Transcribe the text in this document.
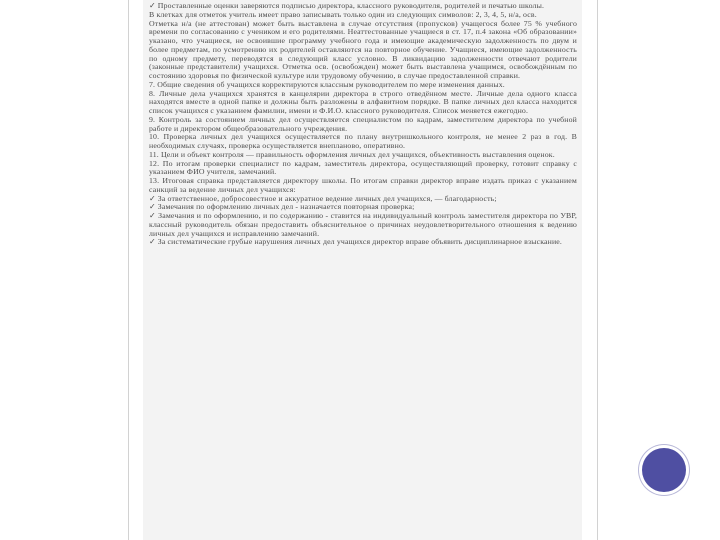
✓ Проставленные оценки заверяются подписью директора, классного руководителя, родителей и печатью школы.
В клетках для отметок учитель имеет право записывать только один из следующих символов: 2, 3, 4, 5, н/а, осв.
Отметка н/а (не аттестован) может быть выставлена в случае отсутствия (пропусков) учащегося более 75 % учебного времени по согласованию с учеником и его родителями. Неаттестованные учащиеся в ст. 17, п.4 закона «Об образовании» указано, что учащиеся, не освоившие программу учебного года и имеющие академическую задолженность по двум и более предметам, по усмотрению их родителей оставляются на повторное обучение. Учащиеся, имеющие задолженность по одному предмету, переводятся в следующий класс условно. В ликвидацию задолженности отвечают родители (законные представители) учащихся. Отметка осв. (освобожден) может быть выставлена учащимся, освобождённым по состоянию здоровья по физической культуре или трудовому обучению, в случае предоставленной справки.
7. Общие сведения об учащихся корректируются классным руководителем по мере изменения данных.
8. Личные дела учащихся хранятся в канцелярии директора в строго отведённом месте. Личные дела одного класса находятся вместе в одной папке и должны быть разложены в алфавитном порядке. В папке личных дел класса находится список учащихся с указанием фамилии, имени и Ф.И.О. классного руководителя. Список меняется ежегодно.
9. Контроль за состоянием личных дел осуществляется специалистом по кадрам, заместителем директора по учебной работе и директором общеобразовательного учреждения.
10. Проверка личных дел учащихся осуществляется по плану внутришкольного контроля, не менее 2 раз в год. В необходимых случаях, проверка осуществляется внепланово, оперативно.
11. Цели и объект контроля — правильность оформления личных дел учащихся, объективность выставления оценок.
12. По итогам проверки специалист по кадрам, заместитель директора, осуществляющий проверку, готовит справку с указанием ФИО учителя, замечаний.
13. Итоговая справка представляется директору школы. По итогам справки директор вправе издать приказ с указанием санкций за ведение личных дел учащихся:
✓ За ответственное, добросовестное и аккуратное ведение личных дел учащихся, — благодарность;
✓ Замечания по оформлению личных дел - назначается повторная проверка;
✓ Замечания и по оформлению, и по содержанию - ставится на индивидуальный контроль заместителя директора по УВР, классный руководитель обязан предоставить объяснительное о причинах неудовлетворительного отношения к ведению личных дел учащихся и исправлению замечаний.
✓ За систематические грубые нарушения личных дел учащихся директор вправе объявить дисциплинарное взыскание.
